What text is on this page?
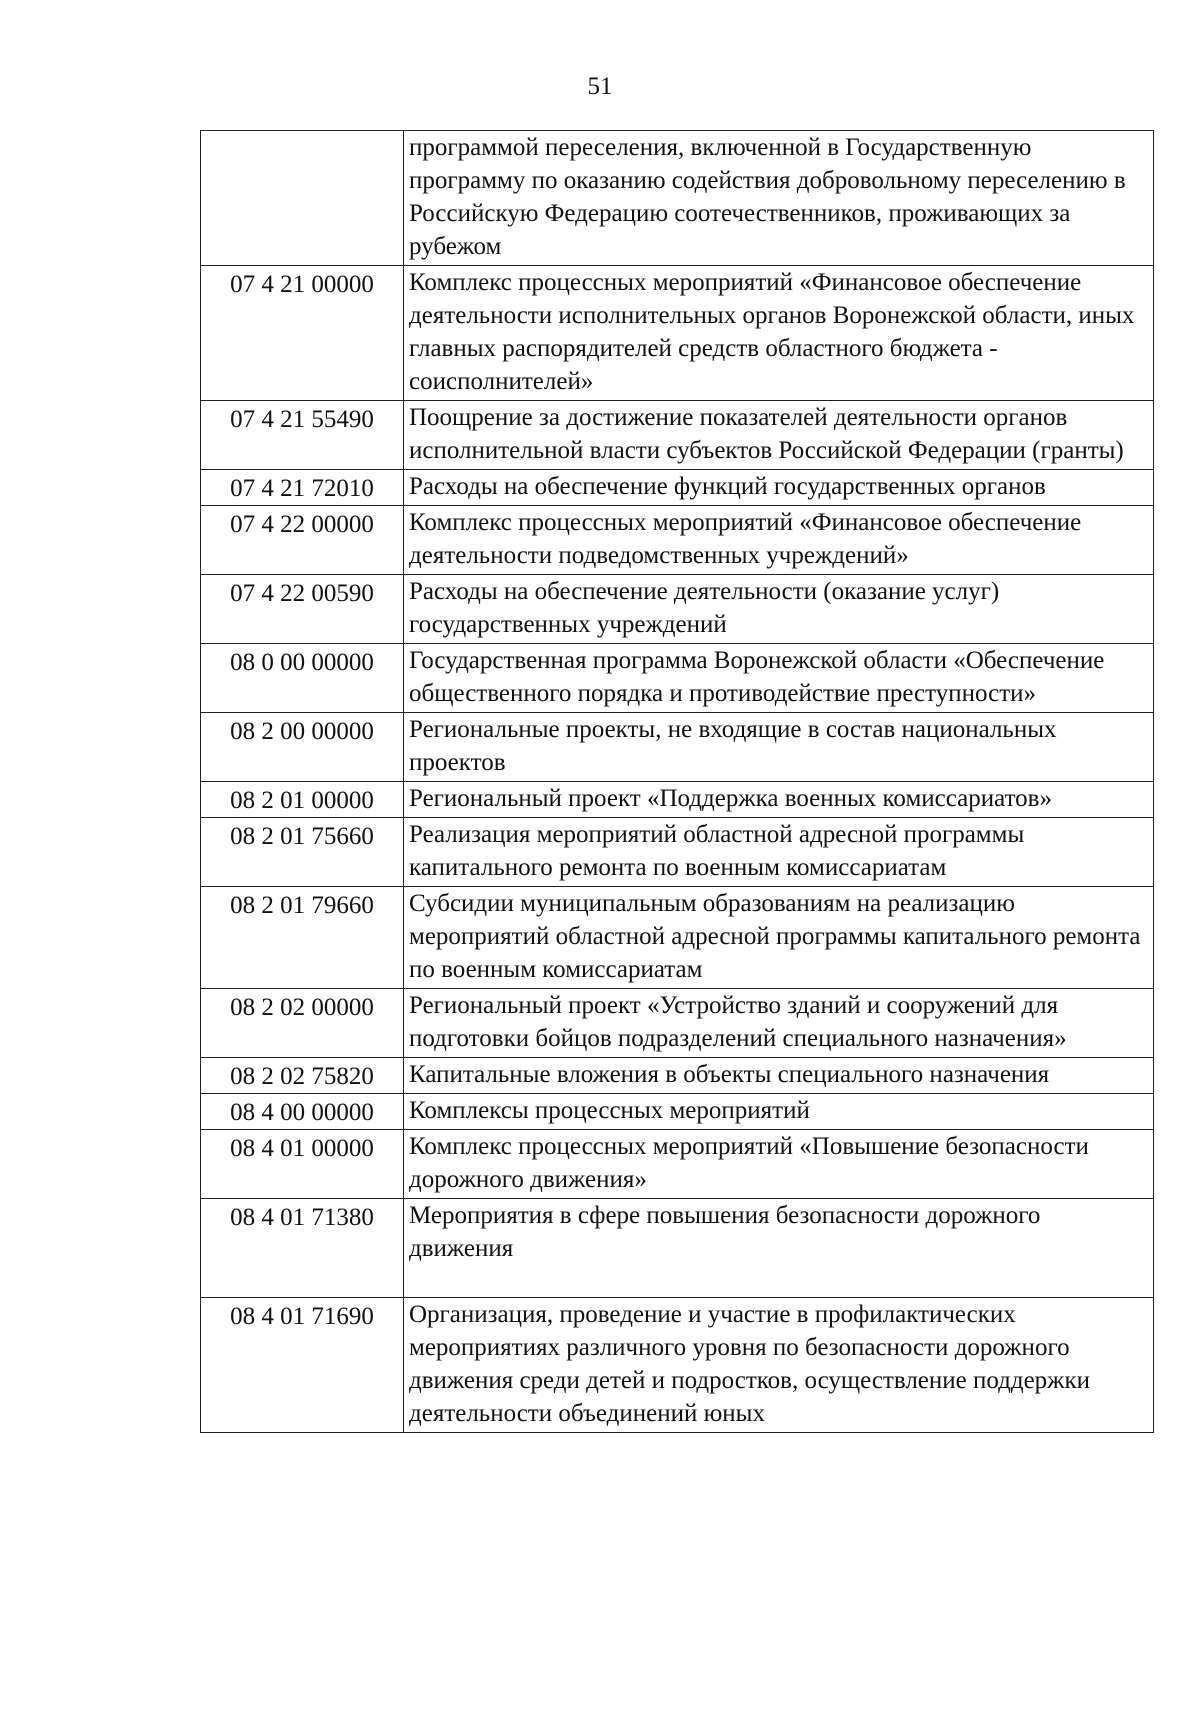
51
	программой переселения, включенной в Государственную программу по оказанию содействия добровольному переселению в Российскую Федерацию соотечественников, проживающих за рубежом
07 4 21 00000	Комплекс процессных мероприятий «Финансовое обеспечение деятельности исполнительных органов Воронежской области, иных главных распорядителей средств областного бюджета - соисполнителей»
07 4 21 55490	Поощрение за достижение показателей деятельности органов исполнительной власти субъектов Российской Федерации (гранты)
07 4 21 72010	Расходы на обеспечение функций государственных органов
07 4 22 00000	Комплекс процессных мероприятий «Финансовое обеспечение деятельности подведомственных учреждений»
07 4 22 00590	Расходы на обеспечение деятельности (оказание услуг) государственных учреждений
08 0 00 00000	Государственная программа Воронежской области «Обеспечение общественного порядка и противодействие преступности»
08 2 00 00000	Региональные проекты, не входящие в состав национальных проектов
08 2 01 00000	Региональный проект «Поддержка военных комиссариатов»
08 2 01 75660	Реализация мероприятий областной адресной программы капитального ремонта по военным комиссариатам
08 2 01 79660	Субсидии муниципальным образованиям на реализацию мероприятий областной адресной программы капитального ремонта по военным комиссариатам
08 2 02 00000	Региональный проект «Устройство зданий и сооружений для подготовки бойцов подразделений специального назначения»
08 2 02 75820	Капитальные вложения в объекты специального назначения
08 4 00 00000	Комплексы процессных мероприятий
08 4 01 00000	Комплекс процессных мероприятий «Повышение безопасности дорожного движения»
08 4 01 71380	Мероприятия в сфере повышения безопасности дорожного движения
08 4 01 71690	Организация, проведение и участие в профилактических мероприятиях различного уровня по безопасности дорожного движения среди детей и подростков, осуществление поддержки деятельности объединений юных
